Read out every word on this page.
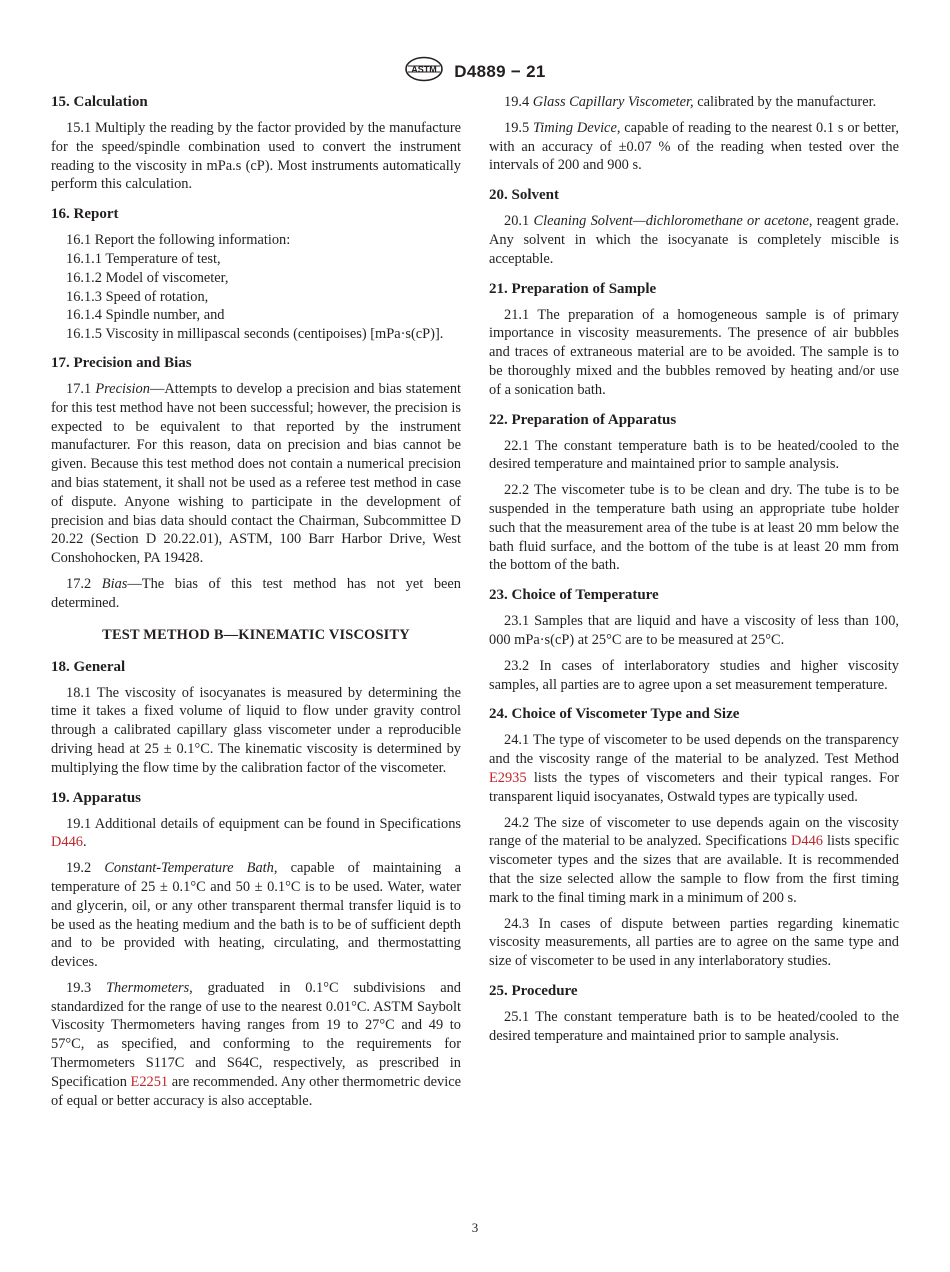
ASTM D4889 − 21
15. Calculation

15.1 Multiply the reading by the factor provided by the manufacture for the speed/spindle combination used to convert the instrument reading to the viscosity in mPa.s (cP). Most instruments automatically perform this calculation.

16. Report

16.1 Report the following information:

16.1.1 Temperature of test,

16.1.2 Model of viscometer,

16.1.3 Speed of rotation,

16.1.4 Spindle number, and

16.1.5 Viscosity in millipascal seconds (centipoises) [mPa·s(cP)].

17. Precision and Bias

17.1 Precision—Attempts to develop a precision and bias statement for this test method have not been successful; however, the precision is expected to be equivalent to that reported by the instrument manufacturer. For this reason, data on precision and bias cannot be given. Because this test method does not contain a numerical precision and bias statement, it shall not be used as a referee test method in case of dispute. Anyone wishing to participate in the development of precision and bias data should contact the Chairman, Subcommittee D 20.22 (Section D 20.22.01), ASTM, 100 Barr Harbor Drive, West Conshohocken, PA 19428.

17.2 Bias—The bias of this test method has not yet been determined.

TEST METHOD B—KINEMATIC VISCOSITY
18. General

18.1 The viscosity of isocyanates is measured by determining the time it takes a fixed volume of liquid to flow under gravity control through a calibrated capillary glass viscometer under a reproducible driving head at 25 ± 0.1°C. The kinematic viscosity is determined by multiplying the flow time by the calibration factor of the viscometer.

19. Apparatus

19.1 Additional details of equipment can be found in Specifications D446.

19.2 Constant-Temperature Bath, capable of maintaining a temperature of 25 ± 0.1°C and 50 ± 0.1°C is to be used. Water, water and glycerin, oil, or any other transparent thermal transfer liquid is to be used as the heating medium and the bath is to be of sufficient depth and to be provided with heating, circulating, and thermostatting devices.

19.3 Thermometers, graduated in 0.1°C subdivisions and standardized for the range of use to the nearest 0.01°C. ASTM Saybolt Viscosity Thermometers having ranges from 19 to 27°C and 49 to 57°C, as specified, and conforming to the requirements for Thermometers S117C and S64C, respectively, as prescribed in Specification E2251 are recommended. Any other thermometric device of equal or better accuracy is also acceptable.

19.4 Glass Capillary Viscometer, calibrated by the manufacturer.

19.5 Timing Device, capable of reading to the nearest 0.1 s or better, with an accuracy of ±0.07 % of the reading when tested over the intervals of 200 and 900 s.

20. Solvent

20.1 Cleaning Solvent—dichloromethane or acetone, reagent grade. Any solvent in which the isocyanate is completely miscible is acceptable.

21. Preparation of Sample

21.1 The preparation of a homogeneous sample is of primary importance in viscosity measurements. The presence of air bubbles and traces of extraneous material are to be avoided. The sample is to be thoroughly mixed and the bubbles removed by heating and/or use of a sonication bath.

22. Preparation of Apparatus

22.1 The constant temperature bath is to be heated/cooled to the desired temperature and maintained prior to sample analysis.

22.2 The viscometer tube is to be clean and dry. The tube is to be suspended in the temperature bath using an appropriate tube holder such that the measurement area of the tube is at least 20 mm below the bath fluid surface, and the bottom of the tube is at least 20 mm from the bottom of the bath.

23. Choice of Temperature

23.1 Samples that are liquid and have a viscosity of less than 100, 000 mPa·s(cP) at 25°C are to be measured at 25°C.

23.2 In cases of interlaboratory studies and higher viscosity samples, all parties are to agree upon a set measurement temperature.

24. Choice of Viscometer Type and Size

24.1 The type of viscometer to be used depends on the transparency and the viscosity range of the material to be analyzed. Test Method E2935 lists the types of viscometers and their typical ranges. For transparent liquid isocyanates, Ostwald types are typically used.

24.2 The size of viscometer to use depends again on the viscosity range of the material to be analyzed. Specifications D446 lists specific viscometer types and the sizes that are available. It is recommended that the size selected allow the sample to flow from the first timing mark to the final timing mark in a minimum of 200 s.

24.3 In cases of dispute between parties regarding kinematic viscosity measurements, all parties are to agree on the same type and size of viscometer to be used in any interlaboratory studies.

25. Procedure

25.1 The constant temperature bath is to be heated/cooled to the desired temperature and maintained prior to sample analysis.

3
